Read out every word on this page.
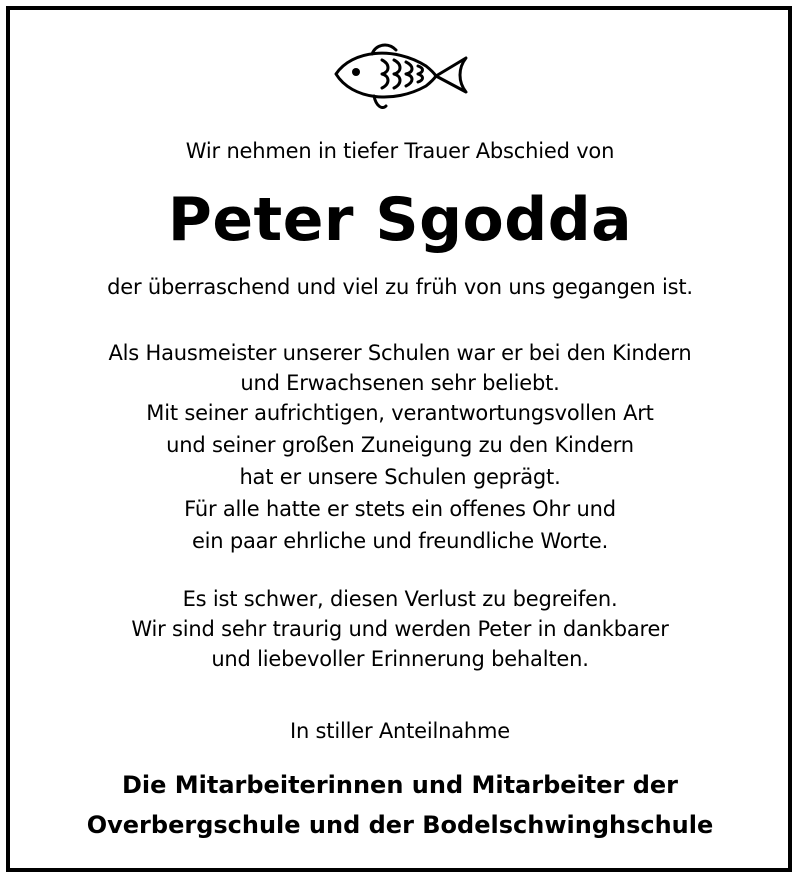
Wir nehmen in tiefer Trauer Abschied von
Peter Sgodda
der überraschend und viel zu früh von uns gegangen ist.
Als Hausmeister unserer Schulen war er bei den Kindern
und Erwachsenen sehr beliebt.
Mit seiner aufrichtigen, verantwortungsvollen Art
und seiner großen Zuneigung zu den Kindern
hat er unsere Schulen geprägt.
Für alle hatte er stets ein offenes Ohr und
ein paar ehrliche und freundliche Worte.
Es ist schwer, diesen Verlust zu begreifen.
Wir sind sehr traurig und werden Peter in dankbarer
und liebevoller Erinnerung behalten.
In stiller Anteilnahme
Die Mitarbeiterinnen und Mitarbeiter der
Overbergschule und der Bodelschwinghschule
